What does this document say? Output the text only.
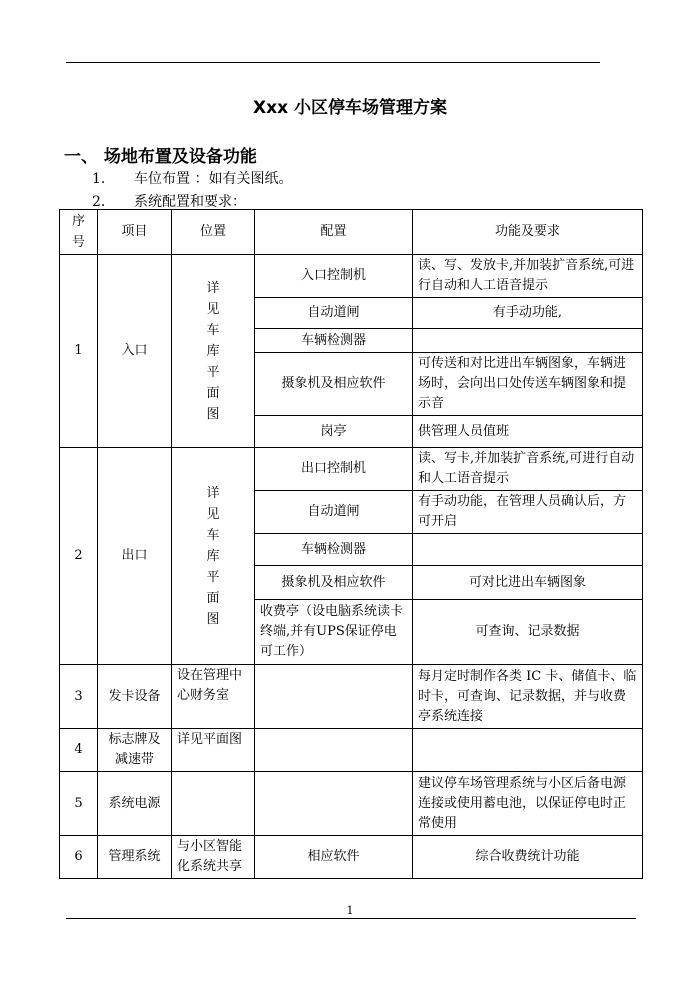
Xxx 小区停车场管理方案
一、 场地布置及设备功能
1． 车位布置 ：如有关图纸。
2． 系统配置和要求：
序号	项目	位置	配置	功能及要求
1	入口	详见车库平面图	入口控制机	读、写、发放卡,并加装扩音系统,可进行自动和人工语音提示
			自动道闸	有手动功能,
			车辆检测器	
			摄象机及相应软件	可传送和对比进出车辆图象，车辆进场时，会向出口处传送车辆图象和提示音
			岗亭	供管理人员值班
2	出口	详见车库平面图	出口控制机	读、写卡,并加装扩音系统,可进行自动和人工语音提示
			自动道闸	有手动功能，在管理人员确认后，方可开启
			车辆检测器	
			摄象机及相应软件	可对比进出车辆图象
			收费亭（设电脑系统读卡终端,并有UPS保证停电可工作）	可查询、记录数据
3	发卡设备	设在管理中心财务室		每月定时制作各类 IC 卡、储值卡、临时卡，可查询、记录数据，并与收费亭系统连接
4	标志牌及减速带	详见平面图		
5	系统电源			建议停车场管理系统与小区后备电源连接或使用蓄电池，以保证停电时正常使用
6	管理系统	与小区智能化系统共享	相应软件	综合收费统计功能
1
